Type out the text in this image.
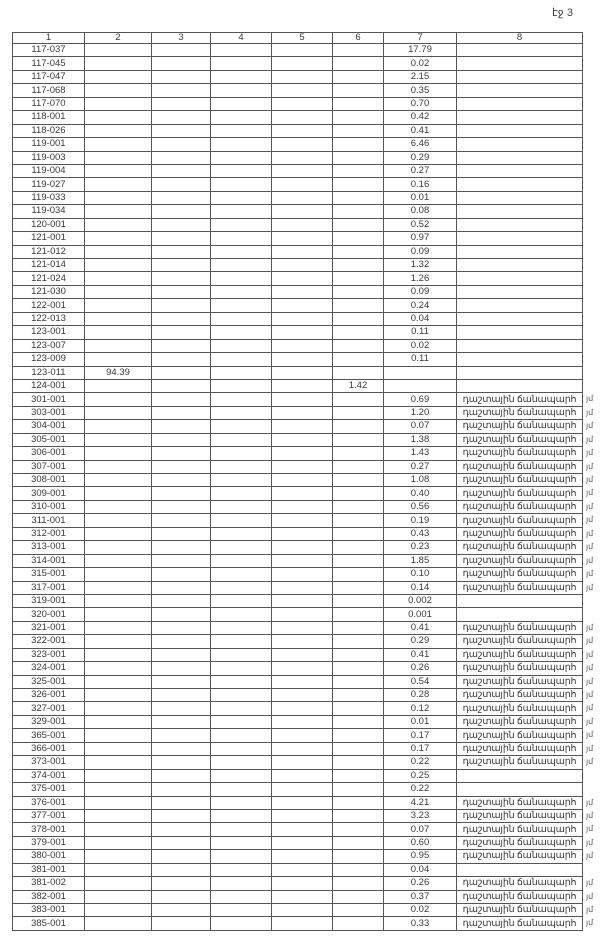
էջ 3
1	2	3	4	5	6	7	8
117-037						17.79	
117-045						0.02	
117-047						2.15	
117-068						0.35	
117-070						0.70	
118-001						0.42	
118-026						0.41	
119-001						6.46	
119-003						0.29	
119-004						0.27	
119-027						0.16	
119-033						0.01	
119-034						0.08	
120-001						0.52	
121-001						0.97	
121-012						0.09	
121-014						1.32	
121-024						1.26	
121-030						0.09	
122-001						0.24	
122-013						0.04	
123-001						0.11	
123-007						0.02	
123-009						0.11	
123-011	94.39						
124-001					1.42		
301-001						0.69	դաշտային ճանապարհ
303-001						1.20	դաշտային ճանապարհ
304-001						0.07	դաշտային ճանապարհ
305-001						1.38	դաշտային ճանապարհ
306-001						1.43	դաշտային ճանապարհ
307-001						0.27	դաշտային ճանապարհ
308-001						1.08	դաշտային ճանապարհ
309-001						0.40	դաշտային ճանապարհ
310-001						0.56	դաշտային ճանապարհ
311-001						0.19	դաշտային ճանապարհ
312-001						0.43	դաշտային ճանապարհ
313-001						0.23	դաշտային ճանապարհ
314-001						1.85	դաշտային ճանապարհ
315-001						0.10	դաշտային ճանապարհ
317-001						0.14	դաշտային ճանապարհ
319-001						0.002	
320-001						0.001	
321-001						0.41	դաշտային ճանապարհ
322-001						0.29	դաշտային ճանապարհ
323-001						0.41	դաշտային ճանապարհ
324-001						0.26	դաշտային ճանապարհ
325-001						0.54	դաշտային ճանապարհ
326-001						0.28	դաշտային ճանապարհ
327-001						0.12	դաշտային ճանապարհ
329-001						0.01	դաշտային ճանապարհ
365-001						0.17	դաշտային ճանապարհ
366-001						0.17	դաշտային ճանապարհ
373-001						0.22	դաշտային ճանապարհ
374-001						0.25	
375-001						0.22	
376-001						4.21	դաշտային ճանապարհ
377-001						3.23	դաշտային ճանապարհ
378-001						0.07	դաշտային ճանապարհ
379-001						0.60	դաշտային ճանապարհ
380-001						0.95	դաշտային ճանապարհ
381-001						0.04	
381-002						0.26	դաշտային ճանապարհ
382-001						0.37	դաշտային ճանապարհ
383-001						0.02	դաշտային ճանապարհ
385-001						0.33	դաշտային ճանապարհ
յմ
յմ
յմ
յմ
յմ
յմ
յմ
յմ
յմ
յմ
յմ
յմ
յմ
յմ
յմ
յմ
յմ
յմ
յմ
յմ
յմ
յմ
յմ
յմ
յմ
յմ
յմ
յմ
յմ
յմ
յմ
յմ
յմ
յմ
յմ
